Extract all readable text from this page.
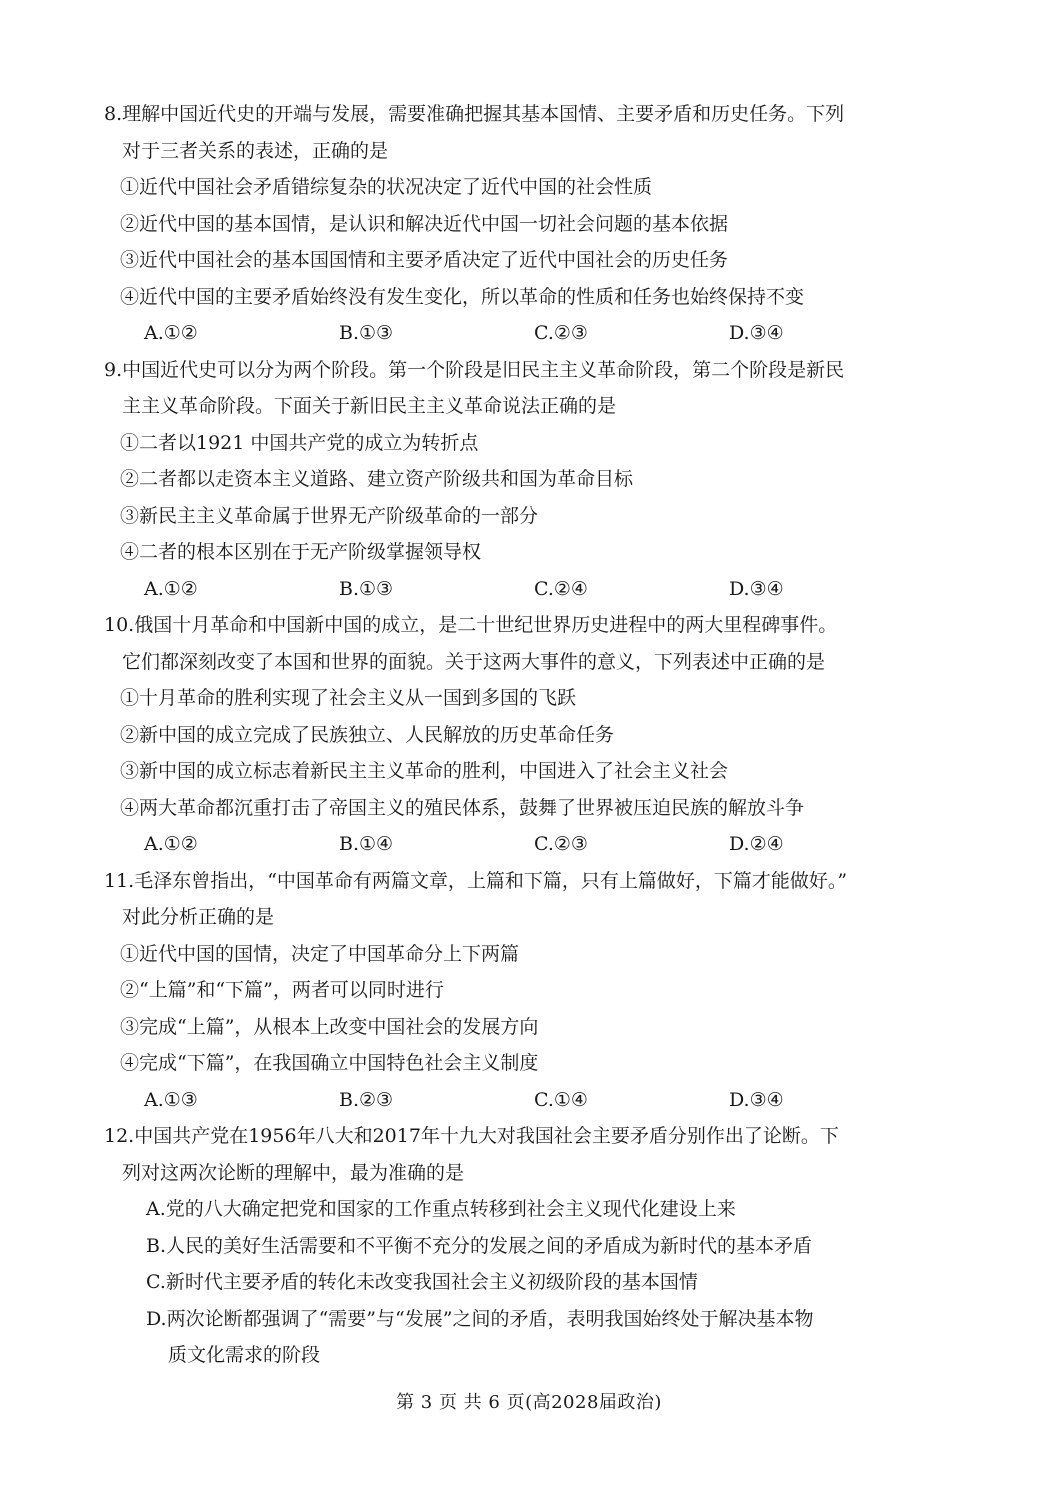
8.理解中国近代史的开端与发展，需要准确把握其基本国情、主要矛盾和历史任务。下列
对于三者关系的表述，正确的是
①近代中国社会矛盾错综复杂的状况决定了近代中国的社会性质
②近代中国的基本国情，是认识和解决近代中国一切社会问题的基本依据
③近代中国社会的基本国国情和主要矛盾决定了近代中国社会的历史任务
④近代中国的主要矛盾始终没有发生变化，所以革命的性质和任务也始终保持不变
A.①②	B.①③	C.②③	D.③④
9.中国近代史可以分为两个阶段。第一个阶段是旧民主主义革命阶段，第二个阶段是新民
主主义革命阶段。下面关于新旧民主主义革命说法正确的是
①二者以1921 中国共产党的成立为转折点
②二者都以走资本主义道路、建立资产阶级共和国为革命目标
③新民主主义革命属于世界无产阶级革命的一部分
④二者的根本区别在于无产阶级掌握领导权
A.①②	B.①③	C.②④	D.③④
10.俄国十月革命和中国新中国的成立，是二十世纪世界历史进程中的两大里程碑事件。
它们都深刻改变了本国和世界的面貌。关于这两大事件的意义，下列表述中正确的是
①十月革命的胜利实现了社会主义从一国到多国的飞跃
②新中国的成立完成了民族独立、人民解放的历史革命任务
③新中国的成立标志着新民主主义革命的胜利，中国进入了社会主义社会
④两大革命都沉重打击了帝国主义的殖民体系，鼓舞了世界被压迫民族的解放斗争
A.①②	B.①④	C.②③	D.②④
11.毛泽东曾指出，“中国革命有两篇文章，上篇和下篇，只有上篇做好，下篇才能做好。”
对此分析正确的是
①近代中国的国情，决定了中国革命分上下两篇
②“上篇”和“下篇”，两者可以同时进行
③完成“上篇”，从根本上改变中国社会的发展方向
④完成“下篇”，在我国确立中国特色社会主义制度
A.①③	B.②③	C.①④	D.③④
12.中国共产党在1956年八大和2017年十九大对我国社会主要矛盾分别作出了论断。下
列对这两次论断的理解中，最为准确的是
A.党的八大确定把党和国家的工作重点转移到社会主义现代化建设上来
B.人民的美好生活需要和不平衡不充分的发展之间的矛盾成为新时代的基本矛盾
C.新时代主要矛盾的转化未改变我国社会主义初级阶段的基本国情
D.两次论断都强调了“需要”与“发展”之间的矛盾，表明我国始终处于解决基本物
质文化需求的阶段
第 3 页 共 6 页(高2028届政治)
